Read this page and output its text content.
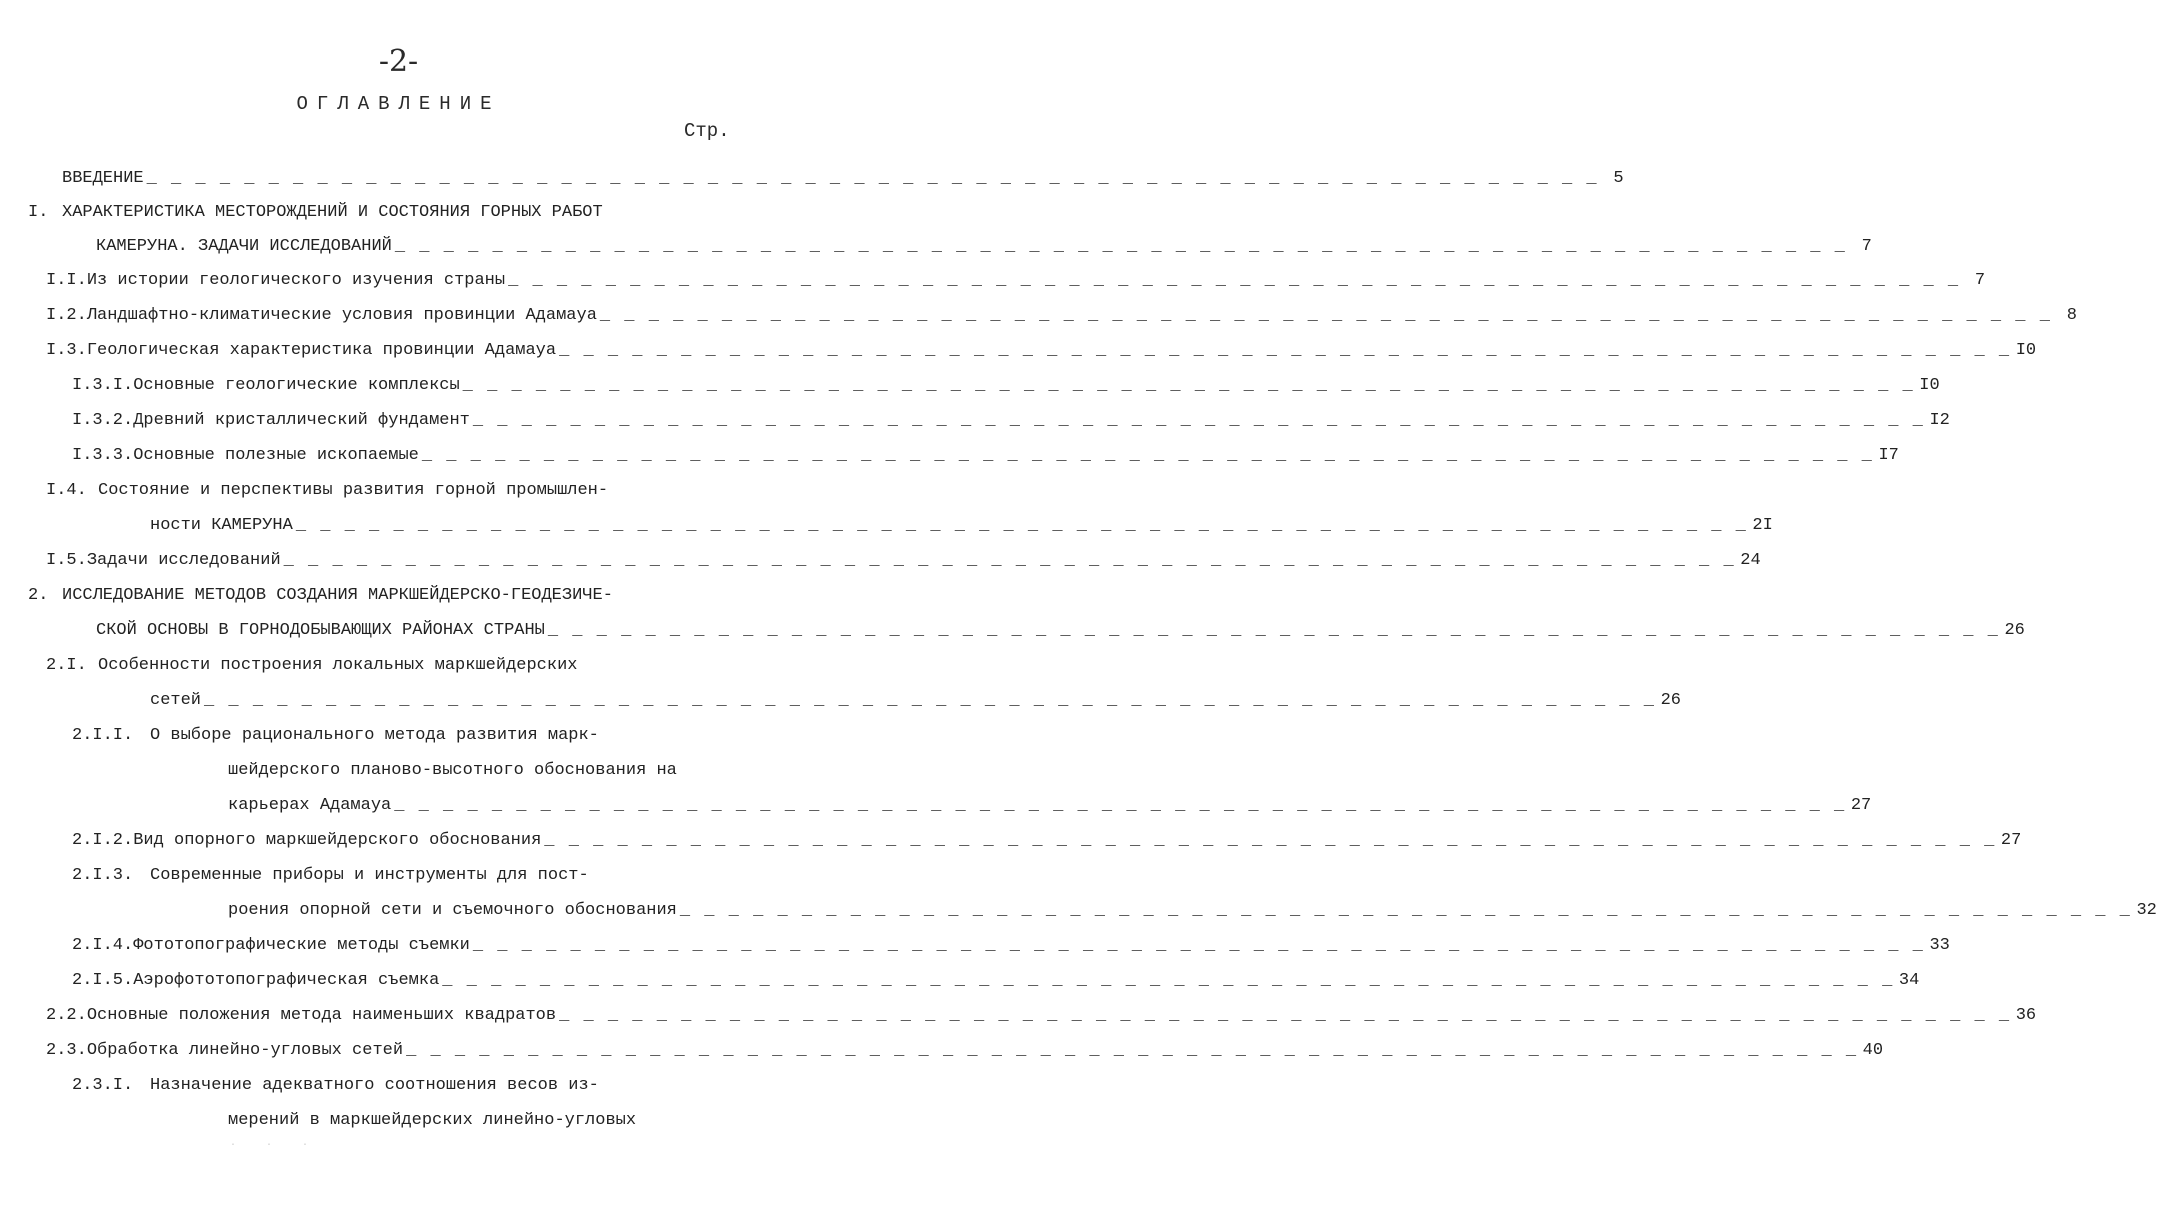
-2-
ОГЛАВЛЕНИЕ
Стр.
ВВЕДЕНИЕ _ _ _ _ _ _ _ _ _ _ _ _ _ _ _ _ _ _ _ _ _ _ _ _ _ _ _ _ _ _ _ _ _ _ _ _ _ _ _ _ _ _ _ _ _ _ _ _ _ _ _ _ _ _ _ _ _ _ _ _ 5
I. ХАРАКТЕРИСТИКА МЕСТОРОЖДЕНИЙ И СОСТОЯНИЯ ГОРНЫХ РАБОТ
КАМЕРУНА. ЗАДАЧИ ИССЛЕДОВАНИЙ _ _ _ _ _ _ _ _ _ _ _ _ _ _ _ _ _ _ _ _ _ _ _ _ _ _ _ _ _ _ _ _ _ _ _ _ _ _ _ _ _ _ _ _ _ _ _ _ _ _ _ _ _ _ _ _ _ _ _ _ 7
I.I. Из истории геологического изучения страны _ _ _ _ _ _ _ _ _ _ _ _ _ _ _ _ _ _ _ _ _ _ _ _ _ _ _ _ _ _ _ _ _ _ _ _ _ _ _ _ _ _ _ _ _ _ _ _ _ _ _ _ _ _ _ _ _ _ _ _ 7
I.2. Ландшафтно-климатические условия провинции Адамауа _ _ _ _ _ _ _ _ _ _ _ _ _ _ _ _ _ _ _ _ _ _ _ _ _ _ _ _ _ _ _ _ _ _ _ _ _ _ _ _ _ _ _ _ _ _ _ _ _ _ _ _ _ _ _ _ _ _ _ _ 8
I.3. Геологическая характеристика провинции Адамауа _ _ _ _ _ _ _ _ _ _ _ _ _ _ _ _ _ _ _ _ _ _ _ _ _ _ _ _ _ _ _ _ _ _ _ _ _ _ _ _ _ _ _ _ _ _ _ _ _ _ _ _ _ _ _ _ _ _ _ _ I0
I.3.I. Основные геологические комплексы _ _ _ _ _ _ _ _ _ _ _ _ _ _ _ _ _ _ _ _ _ _ _ _ _ _ _ _ _ _ _ _ _ _ _ _ _ _ _ _ _ _ _ _ _ _ _ _ _ _ _ _ _ _ _ _ _ _ _ _ I0
I.3.2. Древний кристаллический фундамент _ _ _ _ _ _ _ _ _ _ _ _ _ _ _ _ _ _ _ _ _ _ _ _ _ _ _ _ _ _ _ _ _ _ _ _ _ _ _ _ _ _ _ _ _ _ _ _ _ _ _ _ _ _ _ _ _ _ _ _ I2
I.3.3. Основные полезные ископаемые _ _ _ _ _ _ _ _ _ _ _ _ _ _ _ _ _ _ _ _ _ _ _ _ _ _ _ _ _ _ _ _ _ _ _ _ _ _ _ _ _ _ _ _ _ _ _ _ _ _ _ _ _ _ _ _ _ _ _ _ I7
I.4. Состояние и перспективы развития горной промышлен-
ности КАМЕРУНА _ _ _ _ _ _ _ _ _ _ _ _ _ _ _ _ _ _ _ _ _ _ _ _ _ _ _ _ _ _ _ _ _ _ _ _ _ _ _ _ _ _ _ _ _ _ _ _ _ _ _ _ _ _ _ _ _ _ _ _ 2I
I.5. Задачи исследований _ _ _ _ _ _ _ _ _ _ _ _ _ _ _ _ _ _ _ _ _ _ _ _ _ _ _ _ _ _ _ _ _ _ _ _ _ _ _ _ _ _ _ _ _ _ _ _ _ _ _ _ _ _ _ _ _ _ _ _ 24
2. ИССЛЕДОВАНИЕ МЕТОДОВ СОЗДАНИЯ МАРКШЕЙДЕРСКО-ГЕОДЕЗИЧЕ-
СКОЙ ОСНОВЫ В ГОРНОДОБЫВАЮЩИХ РАЙОНАХ СТРАНЫ _ _ _ _ _ _ _ _ _ _ _ _ _ _ _ _ _ _ _ _ _ _ _ _ _ _ _ _ _ _ _ _ _ _ _ _ _ _ _ _ _ _ _ _ _ _ _ _ _ _ _ _ _ _ _ _ _ _ _ _ 26
2.I. Особенности построения локальных маркшейдерских
сетей _ _ _ _ _ _ _ _ _ _ _ _ _ _ _ _ _ _ _ _ _ _ _ _ _ _ _ _ _ _ _ _ _ _ _ _ _ _ _ _ _ _ _ _ _ _ _ _ _ _ _ _ _ _ _ _ _ _ _ _ 26
2.I.I. О выборе рационального метода развития марк-
шейдерского планово-высотного обоснования на
карьерах Адамауа _ _ _ _ _ _ _ _ _ _ _ _ _ _ _ _ _ _ _ _ _ _ _ _ _ _ _ _ _ _ _ _ _ _ _ _ _ _ _ _ _ _ _ _ _ _ _ _ _ _ _ _ _ _ _ _ _ _ _ _ 27
2.I.2. Вид опорного маркшейдерского обоснования _ _ _ _ _ _ _ _ _ _ _ _ _ _ _ _ _ _ _ _ _ _ _ _ _ _ _ _ _ _ _ _ _ _ _ _ _ _ _ _ _ _ _ _ _ _ _ _ _ _ _ _ _ _ _ _ _ _ _ _ 27
2.I.3. Современные приборы и инструменты для пост-
роения опорной сети и съемочного обоснования _ _ _ _ _ _ _ _ _ _ _ _ _ _ _ _ _ _ _ _ _ _ _ _ _ _ _ _ _ _ _ _ _ _ _ _ _ _ _ _ _ _ _ _ _ _ _ _ _ _ _ _ _ _ _ _ _ _ _ _ 32
2.I.4. Фототопографические методы съемки _ _ _ _ _ _ _ _ _ _ _ _ _ _ _ _ _ _ _ _ _ _ _ _ _ _ _ _ _ _ _ _ _ _ _ _ _ _ _ _ _ _ _ _ _ _ _ _ _ _ _ _ _ _ _ _ _ _ _ _ 33
2.I.5. Аэрофототопографическая съемка _ _ _ _ _ _ _ _ _ _ _ _ _ _ _ _ _ _ _ _ _ _ _ _ _ _ _ _ _ _ _ _ _ _ _ _ _ _ _ _ _ _ _ _ _ _ _ _ _ _ _ _ _ _ _ _ _ _ _ _ 34
2.2. Основные положения метода наименьших квадратов _ _ _ _ _ _ _ _ _ _ _ _ _ _ _ _ _ _ _ _ _ _ _ _ _ _ _ _ _ _ _ _ _ _ _ _ _ _ _ _ _ _ _ _ _ _ _ _ _ _ _ _ _ _ _ _ _ _ _ _ 36
2.3. Обработка линейно-угловых сетей _ _ _ _ _ _ _ _ _ _ _ _ _ _ _ _ _ _ _ _ _ _ _ _ _ _ _ _ _ _ _ _ _ _ _ _ _ _ _ _ _ _ _ _ _ _ _ _ _ _ _ _ _ _ _ _ _ _ _ _ 40
2.3.I. Назначение адекватного соотношения весов из-
мерений в маркшейдерских линейно-угловых
· · ·
